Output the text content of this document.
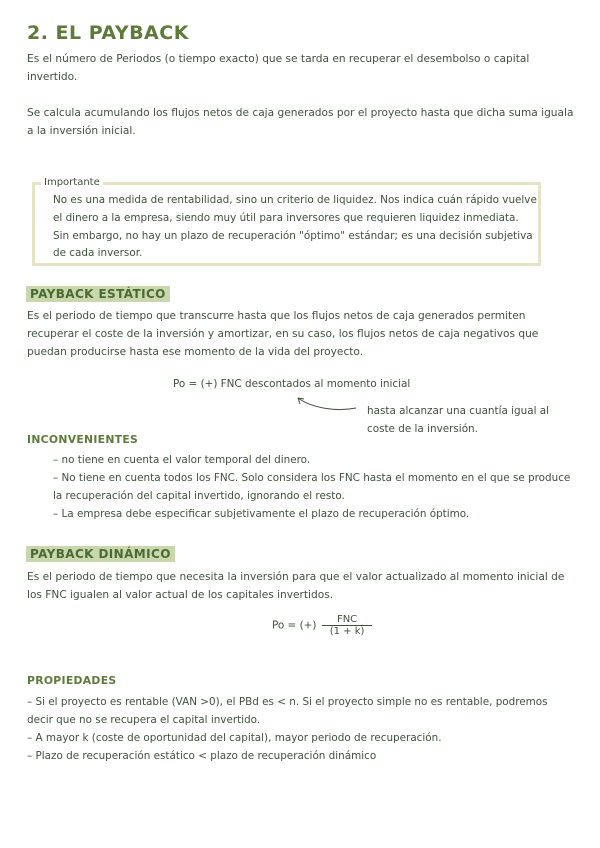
2. EL PAYBACK
Es el número de Periodos (o tiempo exacto) que se tarda en recuperar el desembolso o capital invertido.
Se calcula acumulando los flujos netos de caja generados por el proyecto hasta que dicha suma iguala a la inversión inicial.
Importante
No es una medida de rentabilidad, sino un criterio de liquidez. Nos indica cuán rápido vuelve el dinero a la empresa, siendo muy útil para inversores que requieren liquidez inmediata. Sin embargo, no hay un plazo de recuperación "óptimo" estándar; es una decisión subjetiva de cada inversor.
PAYBACK ESTÁTICO
Es el periodo de tiempo que transcurre hasta que los flujos netos de caja generados permiten recuperar el coste de la inversión y amortizar, en su caso, los flujos netos de caja negativos que puedan producirse hasta ese momento de la vida del proyecto.
Po = (+) FNC descontados al momento inicial
hasta alcanzar una cuantía igual al coste de la inversión.
INCONVENIENTES
– no tiene en cuenta el valor temporal del dinero.
– No tiene en cuenta todos los FNC. Solo considera los FNC hasta el momento en el que se produce la recuperación del capital invertido, ignorando el resto.
– La empresa debe especificar subjetivamente el plazo de recuperación óptimo.
PAYBACK DINÁMICO
Es el periodo de tiempo que necesita la inversión para que el valor actualizado al momento inicial de los FNC igualen al valor actual de los capitales invertidos.
Po = (+) $\frac{\text{FNC}}{(1 + k)}$
PROPIEDADES
– Si el proyecto es rentable (VAN >0), el PBd es < n. Si el proyecto simple no es rentable, podremos decir que no se recupera el capital invertido.
– A mayor k (coste de oportunidad del capital), mayor periodo de recuperación.
– Plazo de recuperación estático < plazo de recuperación dinámico
